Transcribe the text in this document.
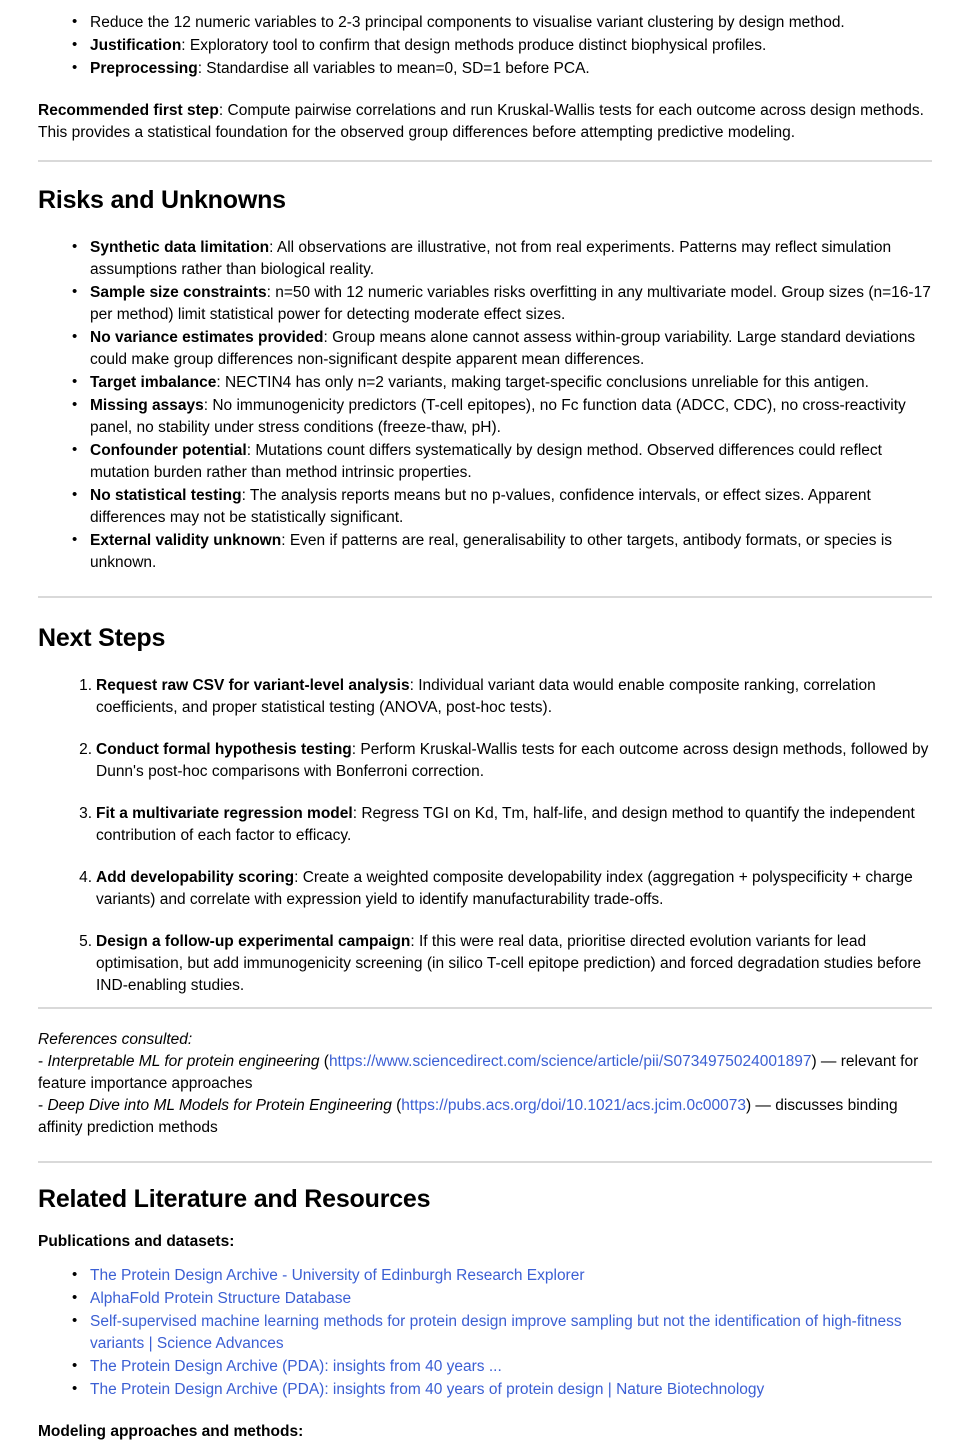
• Reduce the 12 numeric variables to 2-3 principal components to visualise variant clustering by design method.
• Justification: Exploratory tool to confirm that design methods produce distinct biophysical profiles.
• Preprocessing: Standardise all variables to mean=0, SD=1 before PCA.

Recommended first step: Compute pairwise correlations and run Kruskal-Wallis tests for each outcome across design methods. This provides a statistical foundation for the observed group differences before attempting predictive modeling.

Risks and Unknowns
• Synthetic data limitation: All observations are illustrative, not from real experiments. Patterns may reflect simulation assumptions rather than biological reality.
• Sample size constraints: n=50 with 12 numeric variables risks overfitting in any multivariate model. Group sizes (n=16-17 per method) limit statistical power for detecting moderate effect sizes.
• No variance estimates provided: Group means alone cannot assess within-group variability. Large standard deviations could make group differences non-significant despite apparent mean differences.
• Target imbalance: NECTIN4 has only n=2 variants, making target-specific conclusions unreliable for this antigen.
• Missing assays: No immunogenicity predictors (T-cell epitopes), no Fc function data (ADCC, CDC), no cross-reactivity panel, no stability under stress conditions (freeze-thaw, pH).
• Confounder potential: Mutations count differs systematically by design method. Observed differences could reflect mutation burden rather than method intrinsic properties.
• No statistical testing: The analysis reports means but no p-values, confidence intervals, or effect sizes. Apparent differences may not be statistically significant.
• External validity unknown: Even if patterns are real, generalisability to other targets, antibody formats, or species is unknown.
Next Steps
Request raw CSV for variant-level analysis: Individual variant data would enable composite ranking, correlation coefficients, and proper statistical testing (ANOVA, post-hoc tests).
Conduct formal hypothesis testing: Perform Kruskal-Wallis tests for each outcome across design methods, followed by Dunn's post-hoc comparisons with Bonferroni correction.
Fit a multivariate regression model: Regress TGI on Kd, Tm, half-life, and design method to quantify the independent contribution of each factor to efficacy.
Add developability scoring: Create a weighted composite developability index (aggregation + polyspecificity + charge variants) and correlate with expression yield to identify manufacturability trade-offs.
Design a follow-up experimental campaign: If this were real data, prioritise directed evolution variants for lead optimisation, but add immunogenicity screening (in silico T-cell epitope prediction) and forced degradation studies before IND-enabling studies.
References consulted:
- Interpretable ML for protein engineering (https://www.sciencedirect.com/science/article/pii/S0734975024001897) — relevant for feature importance approaches
- Deep Dive into ML Models for Protein Engineering (https://pubs.acs.org/doi/10.1021/acs.jcim.0c00073) — discusses binding affinity prediction methods
Related Literature and Resources
Publications and datasets:
• The Protein Design Archive - University of Edinburgh Research Explorer
• AlphaFold Protein Structure Database
• Self-supervised machine learning methods for protein design improve sampling but not the identification of high-fitness variants | Science Advances
• The Protein Design Archive (PDA): insights from 40 years ...
• The Protein Design Archive (PDA): insights from 40 years of protein design | Nature Biotechnology
Modeling approaches and methods:
